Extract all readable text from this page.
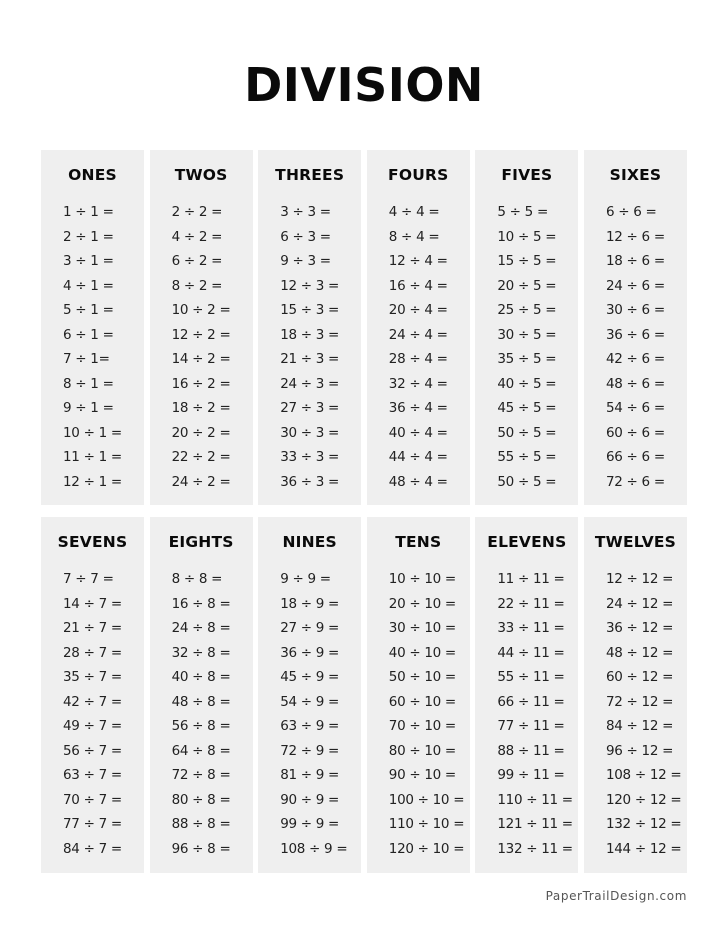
DIVISION
ONES
1 ÷ 1 =
2 ÷ 1 =
3 ÷ 1 =
4 ÷ 1 =
5 ÷ 1 =
6 ÷ 1 =
7 ÷ 1=
8 ÷ 1 =
9 ÷ 1 =
10 ÷ 1 =
11 ÷ 1 =
12 ÷ 1 =
TWOS
2 ÷ 2 =
4 ÷ 2 =
6 ÷ 2 =
8 ÷ 2 =
10 ÷ 2 =
12 ÷ 2 =
14 ÷ 2 =
16 ÷ 2 =
18 ÷ 2 =
20 ÷ 2 =
22 ÷ 2 =
24 ÷ 2 =
THREES
3 ÷ 3 =
6 ÷ 3 =
9 ÷ 3 =
12 ÷ 3 =
15 ÷ 3 =
18 ÷ 3 =
21 ÷ 3 =
24 ÷ 3 =
27 ÷ 3 =
30 ÷ 3 =
33 ÷ 3 =
36 ÷ 3 =
FOURS
4 ÷ 4 =
8 ÷ 4 =
12 ÷ 4 =
16 ÷ 4 =
20 ÷ 4 =
24 ÷ 4 =
28 ÷ 4 =
32 ÷ 4 =
36 ÷ 4 =
40 ÷ 4 =
44 ÷ 4 =
48 ÷ 4 =
FIVES
5 ÷ 5 =
10 ÷ 5 =
15 ÷ 5 =
20 ÷ 5 =
25 ÷ 5 =
30 ÷ 5 =
35 ÷ 5 =
40 ÷ 5 =
45 ÷ 5 =
50 ÷ 5 =
55 ÷ 5 =
50 ÷ 5 =
SIXES
6 ÷ 6 =
12 ÷ 6 =
18 ÷ 6 =
24 ÷ 6 =
30 ÷ 6 =
36 ÷ 6 =
42 ÷ 6 =
48 ÷ 6 =
54 ÷ 6 =
60 ÷ 6 =
66 ÷ 6 =
72 ÷ 6 =
SEVENS
7 ÷ 7 =
14 ÷ 7 =
21 ÷ 7 =
28 ÷ 7 =
35 ÷ 7 =
42 ÷ 7 =
49 ÷ 7 =
56 ÷ 7 =
63 ÷ 7 =
70 ÷ 7 =
77 ÷ 7 =
84 ÷ 7 =
EIGHTS
8 ÷ 8 =
16 ÷ 8 =
24 ÷ 8 =
32 ÷ 8 =
40 ÷ 8 =
48 ÷ 8 =
56 ÷ 8 =
64 ÷ 8 =
72 ÷ 8 =
80 ÷ 8 =
88 ÷ 8 =
96 ÷ 8 =
NINES
9 ÷ 9 =
18 ÷ 9 =
27 ÷ 9 =
36 ÷ 9 =
45 ÷ 9 =
54 ÷ 9 =
63 ÷ 9 =
72 ÷ 9 =
81 ÷ 9 =
90 ÷ 9 =
99 ÷ 9 =
108 ÷ 9 =
TENS
10 ÷ 10 =
20 ÷ 10 =
30 ÷ 10 =
40 ÷ 10 =
50 ÷ 10 =
60 ÷ 10 =
70 ÷ 10 =
80 ÷ 10 =
90 ÷ 10 =
100 ÷ 10 =
110 ÷ 10 =
120 ÷ 10 =
ELEVENS
11 ÷ 11 =
22 ÷ 11 =
33 ÷ 11 =
44 ÷ 11 =
55 ÷ 11 =
66 ÷ 11 =
77 ÷ 11 =
88 ÷ 11 =
99 ÷ 11 =
110 ÷ 11 =
121 ÷ 11 =
132 ÷ 11 =
TWELVES
12 ÷ 12 =
24 ÷ 12 =
36 ÷ 12 =
48 ÷ 12 =
60 ÷ 12 =
72 ÷ 12 =
84 ÷ 12 =
96 ÷ 12 =
108 ÷ 12 =
120 ÷ 12 =
132 ÷ 12 =
144 ÷ 12 =
PaperTrailDesign.com
